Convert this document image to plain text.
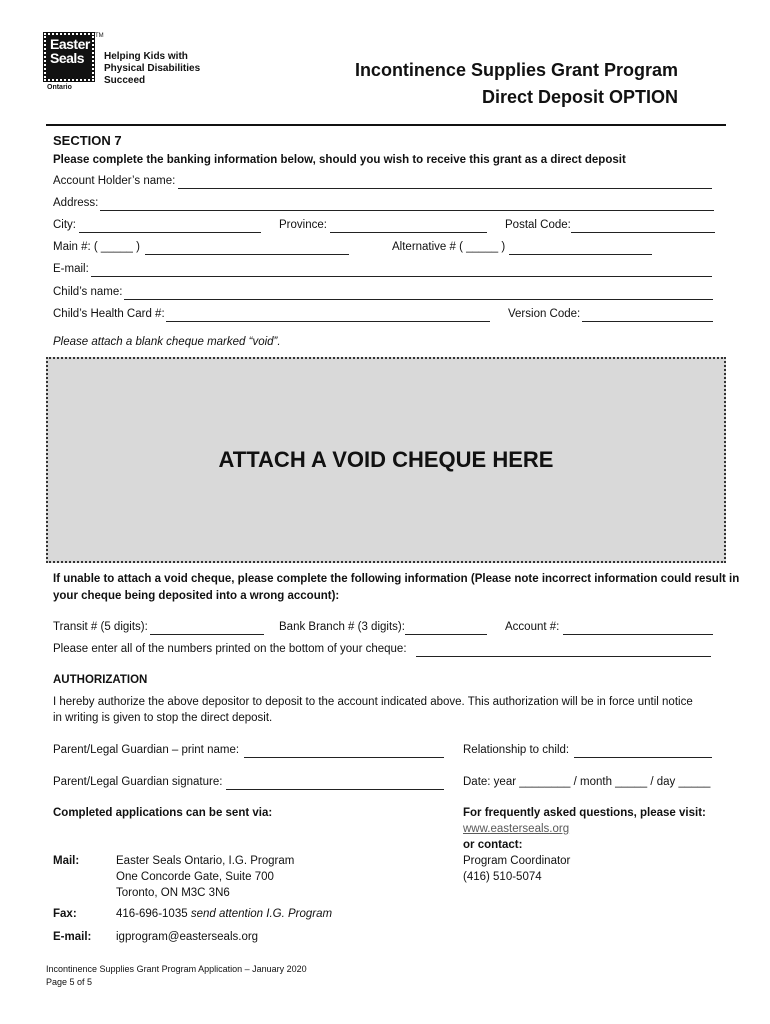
Easter
Seals
TM
Ontario
Helping Kids with
Physical Disabilities
Succeed
Incontinence Supplies Grant Program
Direct Deposit OPTION
SECTION 7
Please complete the banking information below, should you wish to receive this grant as a direct deposit
Account Holder’s name:
Address:
City:	Province:	Postal Code:
Main #: ( _____ )	Alternative # ( _____ )
E-mail:
Child’s name:
Child’s Health Card #:	Version Code:
Please attach a blank cheque marked “void”.
ATTACH A VOID CHEQUE HERE
If unable to attach a void cheque, please complete the following information (Please note incorrect information could result in
your cheque being deposited into a wrong account):
Transit # (5 digits):	Bank Branch # (3 digits):	Account #:
Please enter all of the numbers printed on the bottom of your cheque:
AUTHORIZATION
I hereby authorize the above depositor to deposit to the account indicated above. This authorization will be in force until notice
in writing is given to stop the direct deposit.
Parent/Legal Guardian – print name:	Relationship to child:
Parent/Legal Guardian signature:	Date: year ________ / month _____ / day _____
Completed applications can be sent via:	For frequently asked questions, please visit:
www.easterseals.org
or contact:
Program Coordinator
(416) 510-5074
Mail:	Easter Seals Ontario, I.G. Program
One Concorde Gate, Suite 700
Toronto, ON M3C 3N6
Fax:	416-696-1035 send attention I.G. Program
E-mail: igprogram@easterseals.org
Incontinence Supplies Grant Program Application – January 2020
Page 5 of 5
